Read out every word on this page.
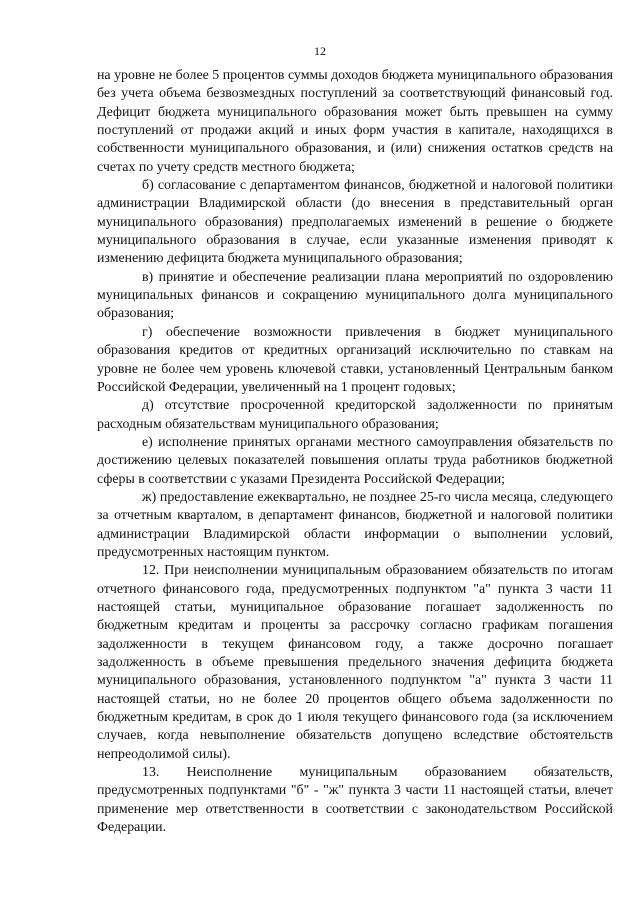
12

на уровне не более 5 процентов суммы доходов бюджета муниципального образования без учета объема безвозмездных поступлений за соответствующий финансовый год. Дефицит бюджета муниципального образования может быть превышен на сумму поступлений от продажи акций и иных форм участия в капитале, находящихся в собственности муниципального образования, и (или) снижения остатков средств на счетах по учету средств местного бюджета;

б) согласование с департаментом финансов, бюджетной и налоговой политики администрации Владимирской области (до внесения в представительный орган муниципального образования) предполагаемых изменений в решение о бюджете муниципального образования в случае, если указанные изменения приводят к изменению дефицита бюджета муниципального образования;

в) принятие и обеспечение реализации плана мероприятий по оздоровлению муниципальных финансов и сокращению муниципального долга муниципального образования;

г) обеспечение возможности привлечения в бюджет муниципального образования кредитов от кредитных организаций исключительно по ставкам на уровне не более чем уровень ключевой ставки, установленный Центральным банком Российской Федерации, увеличенный на 1 процент годовых;

д) отсутствие просроченной кредиторской задолженности по принятым расходным обязательствам муниципального образования;

е) исполнение принятых органами местного самоуправления обязательств по достижению целевых показателей повышения оплаты труда работников бюджетной сферы в соответствии с указами Президента Российской Федерации;

ж) предоставление ежеквартально, не позднее 25-го числа месяца, следующего за отчетным кварталом, в департамент финансов, бюджетной и налоговой политики администрации Владимирской области информации о выполнении условий, предусмотренных настоящим пунктом.

12. При неисполнении муниципальным образованием обязательств по итогам отчетного финансового года, предусмотренных подпунктом "а" пункта 3 части 11 настоящей статьи, муниципальное образование погашает задолженность по бюджетным кредитам и проценты за рассрочку согласно графикам погашения задолженности в текущем финансовом году, а также досрочно погашает задолженность в объеме превышения предельного значения дефицита бюджета муниципального образования, установленного подпунктом "а" пункта 3 части 11 настоящей статьи, но не более 20 процентов общего объема задолженности по бюджетным кредитам, в срок до 1 июля текущего финансового года (за исключением случаев, когда невыполнение обязательств допущено вследствие обстоятельств непреодолимой силы).

13. Неисполнение муниципальным образованием обязательств, предусмотренных подпунктами "б" - "ж" пункта 3 части 11 настоящей статьи, влечет применение мер ответственности в соответствии с законодательством Российской Федерации.
